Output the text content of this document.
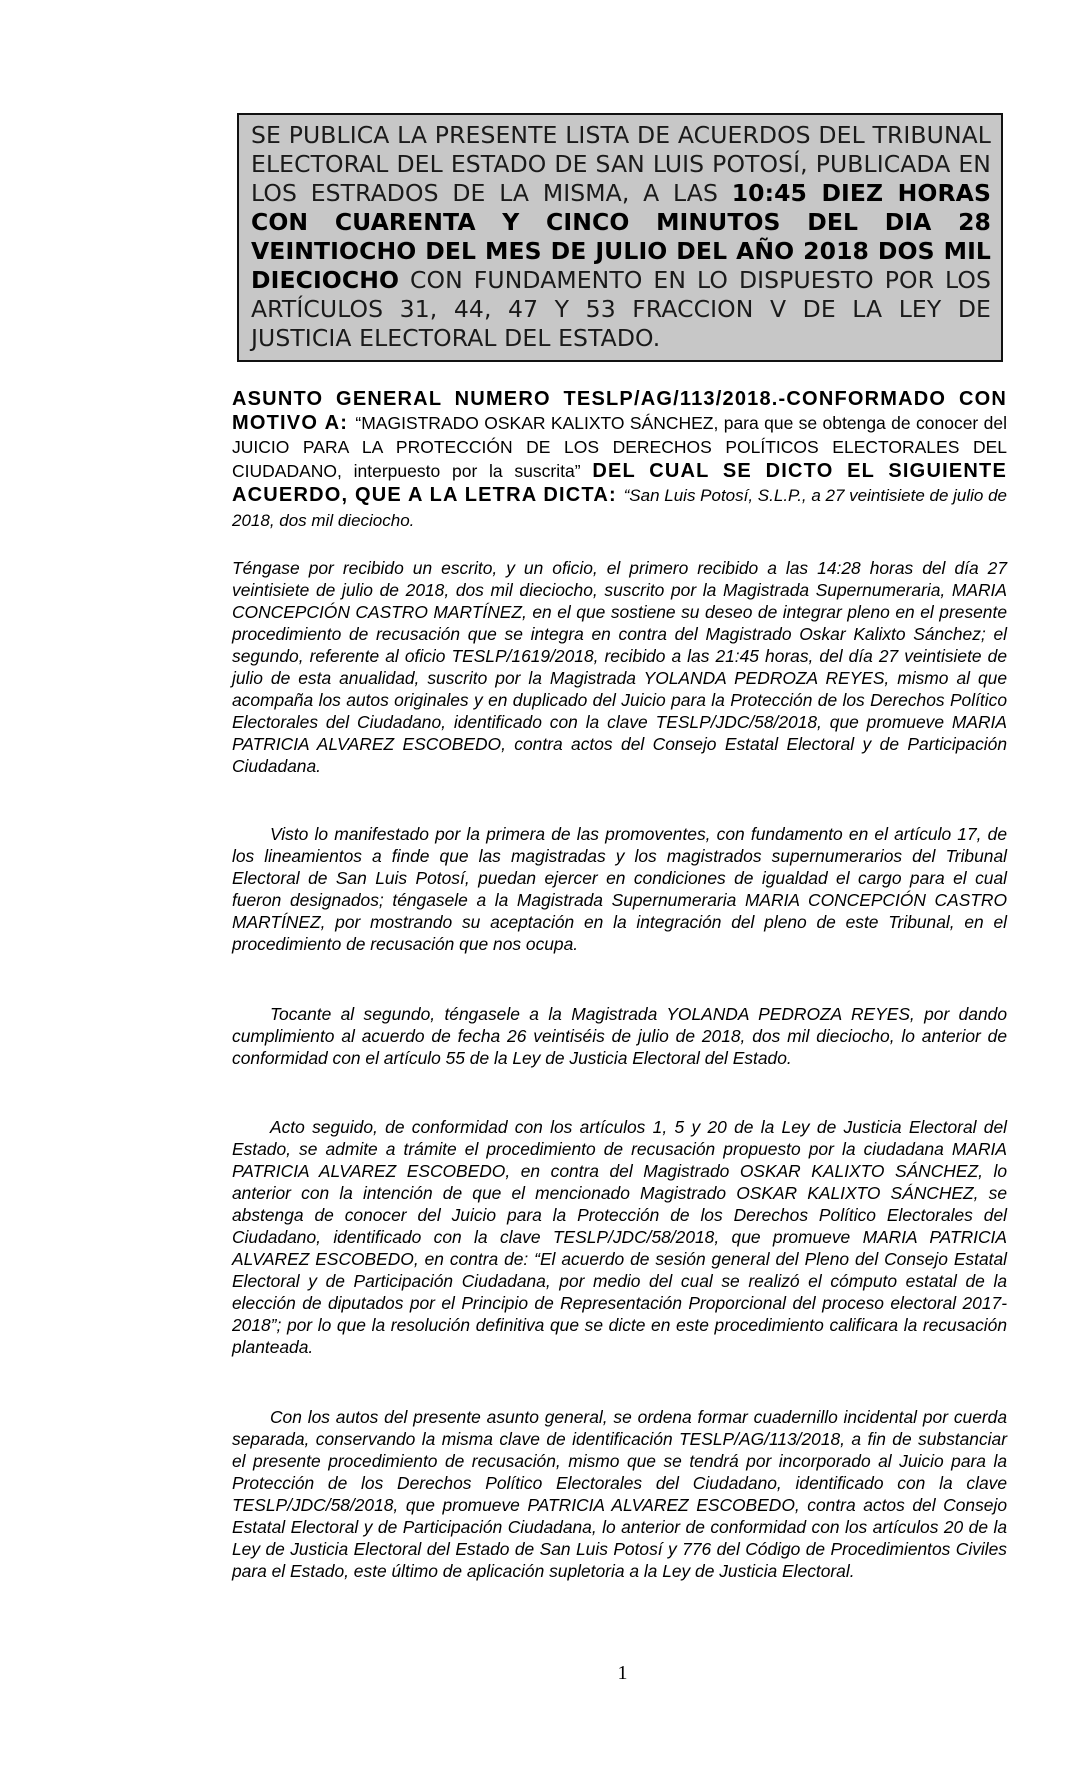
SE PUBLICA LA PRESENTE LISTA DE ACUERDOS DEL TRIBUNAL ELECTORAL DEL ESTADO DE SAN LUIS POTOSÍ, PUBLICADA EN LOS ESTRADOS DE LA MISMA, A LAS 10:45 DIEZ HORAS CON CUARENTA Y CINCO MINUTOS DEL DIA 28 VEINTIOCHO DEL MES DE JULIO DEL AÑO 2018 DOS MIL DIECIOCHO CON FUNDAMENTO EN LO DISPUESTO POR LOS ARTÍCULOS 31, 44, 47 Y 53 FRACCION V DE LA LEY DE JUSTICIA ELECTORAL DEL ESTADO.
ASUNTO GENERAL NUMERO TESLP/AG/113/2018.-CONFORMADO CON MOTIVO A: “MAGISTRADO OSKAR KALIXTO SÁNCHEZ, para que se obtenga de conocer del JUICIO PARA LA PROTECCIÓN DE LOS DERECHOS POLÍTICOS ELECTORALES DEL CIUDADANO, interpuesto por la suscrita” DEL CUAL SE DICTO EL SIGUIENTE ACUERDO, QUE A LA LETRA DICTA: “San Luis Potosí, S.L.P., a 27 veintisiete de julio de 2018, dos mil dieciocho.

Téngase por recibido un escrito, y un oficio, el primero recibido a las 14:28 horas del día 27 veintisiete de julio de 2018, dos mil dieciocho, suscrito por la Magistrada Supernumeraria, MARIA CONCEPCIÓN CASTRO MARTÍNEZ, en el que sostiene su deseo de integrar pleno en el presente procedimiento de recusación que se integra en contra del Magistrado Oskar Kalixto Sánchez; el segundo, referente al oficio TESLP/1619/2018, recibido a las 21:45 horas, del día 27 veintisiete de julio de esta anualidad, suscrito por la Magistrada YOLANDA PEDROZA REYES, mismo al que acompaña los autos originales y en duplicado del Juicio para la Protección de los Derechos Político Electorales del Ciudadano, identificado con la clave TESLP/JDC/58/2018, que promueve MARIA PATRICIA ALVAREZ ESCOBEDO, contra actos del Consejo Estatal Electoral y de Participación Ciudadana.

Visto lo manifestado por la primera de las promoventes, con fundamento en el artículo 17, de los lineamientos a finde que las magistradas y los magistrados supernumerarios del Tribunal Electoral de San Luis Potosí, puedan ejercer en condiciones de igualdad el cargo para el cual fueron designados; téngasele a la Magistrada Supernumeraria MARIA CONCEPCIÓN CASTRO MARTÍNEZ, por mostrando su aceptación en la integración del pleno de este Tribunal, en el procedimiento de recusación que nos ocupa.

Tocante al segundo, téngasele a la Magistrada YOLANDA PEDROZA REYES, por dando cumplimiento al acuerdo de fecha 26 veintiséis de julio de 2018, dos mil dieciocho, lo anterior de conformidad con el artículo 55 de la Ley de Justicia Electoral del Estado.

Acto seguido, de conformidad con los artículos 1, 5 y 20 de la Ley de Justicia Electoral del Estado, se admite a trámite el procedimiento de recusación propuesto por la ciudadana MARIA PATRICIA ALVAREZ ESCOBEDO, en contra del Magistrado OSKAR KALIXTO SÁNCHEZ, lo anterior con la intención de que el mencionado Magistrado OSKAR KALIXTO SÁNCHEZ, se abstenga de conocer del Juicio para la Protección de los Derechos Político Electorales del Ciudadano, identificado con la clave TESLP/JDC/58/2018, que promueve MARIA PATRICIA ALVAREZ ESCOBEDO, en contra de: “El acuerdo de sesión general del Pleno del Consejo Estatal Electoral y de Participación Ciudadana, por medio del cual se realizó el cómputo estatal de la elección de diputados por el Principio de Representación Proporcional del proceso electoral 2017-2018”; por lo que la resolución definitiva que se dicte en este procedimiento calificara la recusación planteada.

Con los autos del presente asunto general, se ordena formar cuadernillo incidental por cuerda separada, conservando la misma clave de identificación TESLP/AG/113/2018, a fin de substanciar el presente procedimiento de recusación, mismo que se tendrá por incorporado al Juicio para la Protección de los Derechos Político Electorales del Ciudadano, identificado con la clave TESLP/JDC/58/2018, que promueve PATRICIA ALVAREZ ESCOBEDO, contra actos del Consejo Estatal Electoral y de Participación Ciudadana, lo anterior de conformidad con los artículos 20 de la Ley de Justicia Electoral del Estado de San Luis Potosí y 776 del Código de Procedimientos Civiles para el Estado, este último de aplicación supletoria a la Ley de Justicia Electoral.

1
